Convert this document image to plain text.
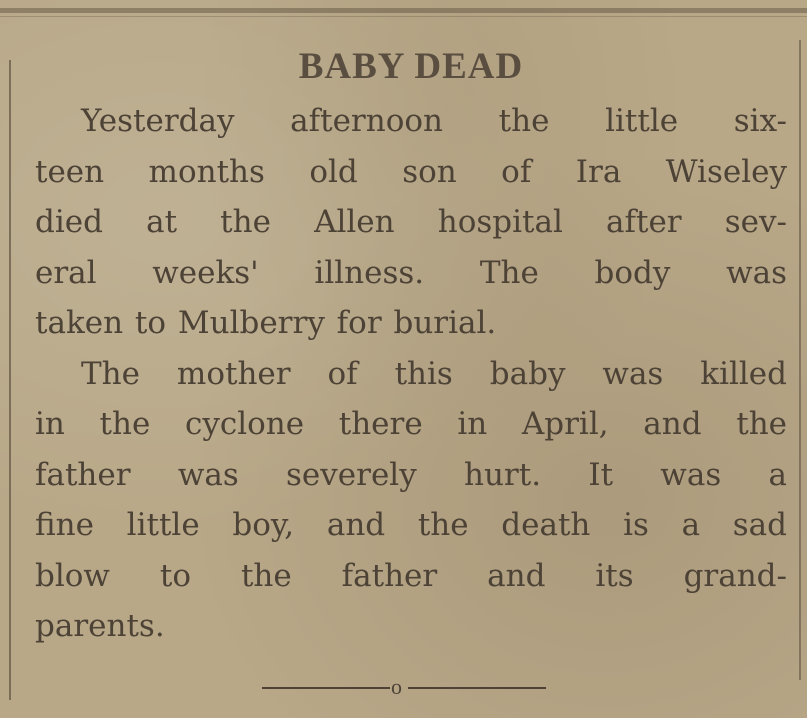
BABY DEAD

Yesterday afternoon the little six-
teen months old son of Ira Wiseley
died at the Allen hospital after sev-
eral weeks' illness. The body was
taken to Mulberry for burial.

The mother of this baby was killed
in the cyclone there in April, and the
father was severely hurt. It was a
fine little boy, and the death is a sad
blow to the father and its grand-
parents.

o
